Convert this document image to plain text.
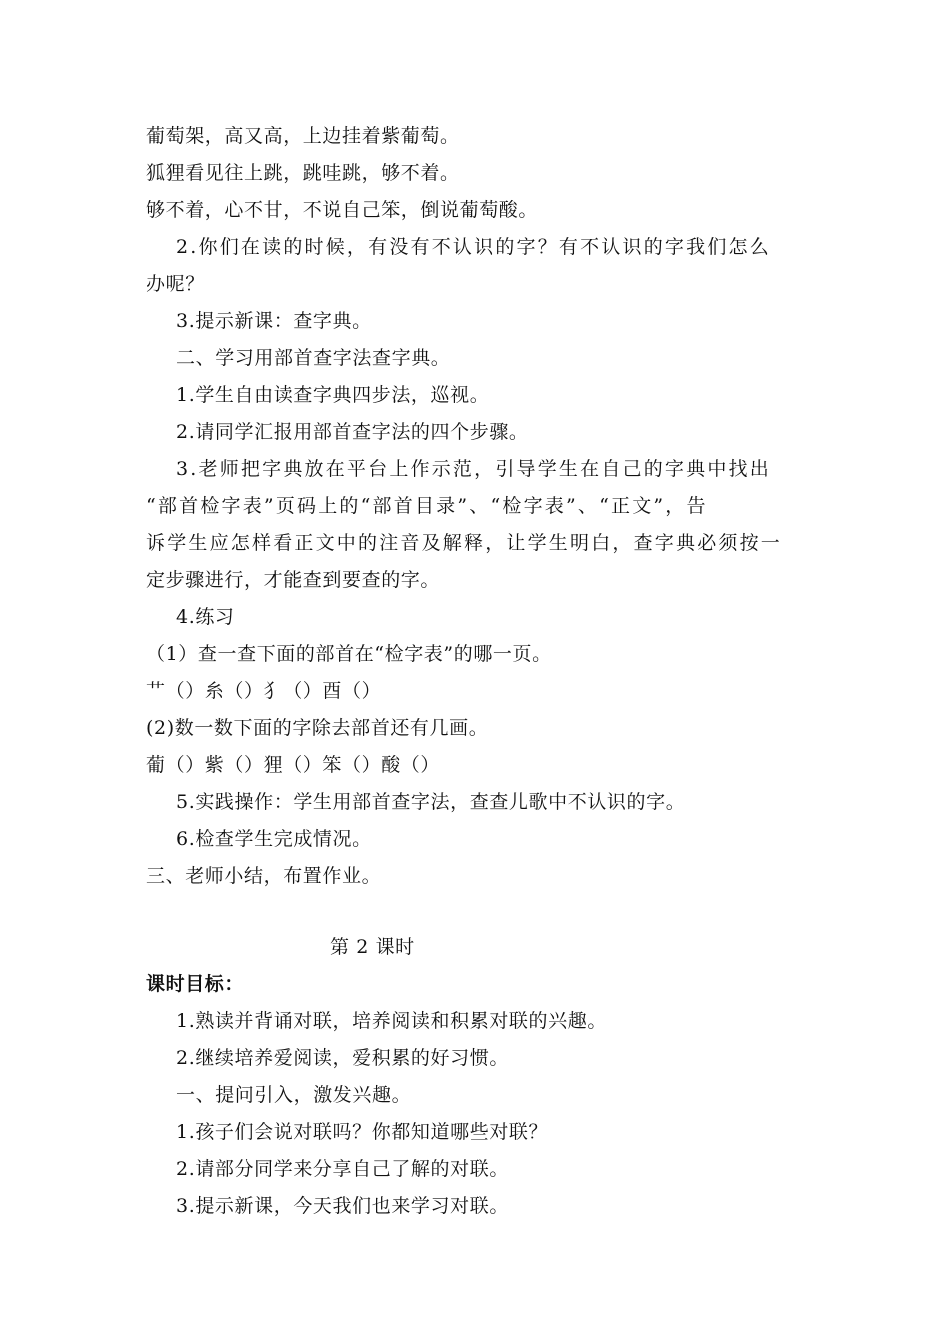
葡萄架，高又高，上边挂着紫葡萄。
狐狸看见往上跳，跳哇跳，够不着。
够不着，心不甘，不说自己笨，倒说葡萄酸。
2.你们在读的时候，有没有不认识的字？有不认识的字我们怎么
办呢？
3.提示新课：查字典。
二、学习用部首查字法查字典。
1.学生自由读查字典四步法，巡视。
2.请同学汇报用部首查字法的四个步骤。
3.老师把字典放在平台上作示范，引导学生在自己的字典中找出
“部首检字表”页码上的“部首目录”、“检字表”、“正文”，告
诉学生应怎样看正文中的注音及解释，让学生明白，查字典必须按一
定步骤进行，才能查到要查的字。
4.练习
（1）查一查下面的部首在“检字表”的哪一页。
艹（）糸（）犭（）酉（）
(2)数一数下面的字除去部首还有几画。
葡（）紫（）狸（）笨（）酸（）
5.实践操作：学生用部首查字法，查查儿歌中不认识的字。
6.检查学生完成情况。
三、老师小结，布置作业。
第 2 课时
课时目标：
1.熟读并背诵对联，培养阅读和积累对联的兴趣。
2.继续培养爱阅读，爱积累的好习惯。
一、提问引入，激发兴趣。
1.孩子们会说对联吗？你都知道哪些对联？
2.请部分同学来分享自己了解的对联。
3.提示新课，今天我们也来学习对联。
